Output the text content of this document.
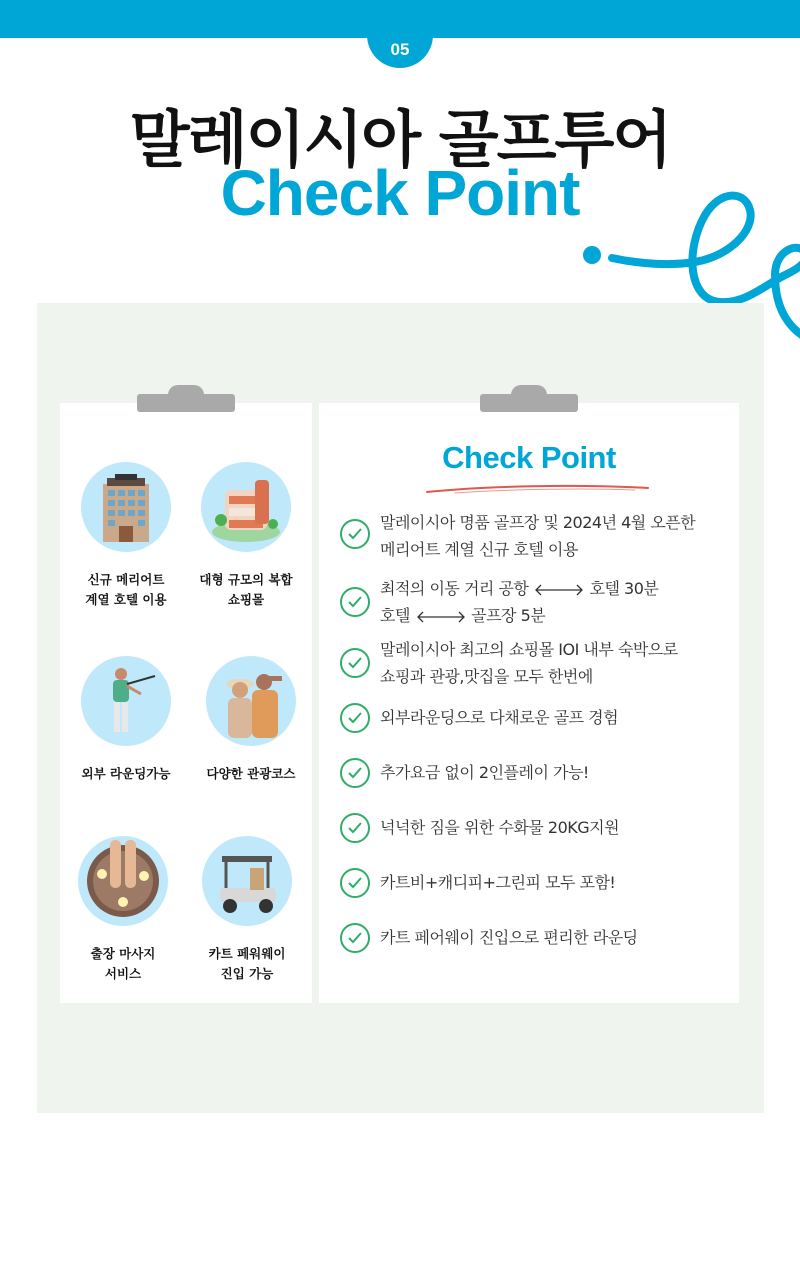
05
말레이시아 골프투어
Check Point
신규 메리어트
계열 호텔 이용
대형 규모의 복합
쇼핑몰
외부 라운딩가능	다양한 관광코스
출장 마사지
서비스
카트 페워웨이
진입 가능
Check Point
말레이시아 명품 골프장 및 2024년 4월 오픈한
메리어트 계열 신규 호텔 이용
최적의 이동 거리 공항	호텔 30분
호텔	골프장 5분
말레이시아 최고의 쇼핑몰 IOI 내부 숙박으로
쇼핑과 관광,맛집을 모두 한번에
외부라운딩으로 다채로운 골프 경험
추가요금 없이 2인플레이 가능!
넉넉한 짐을 위한 수화물 20KG지원
카트비+캐디피+그린피 모두 포함!
카트 페어웨이 진입으로 편리한 라운딩
